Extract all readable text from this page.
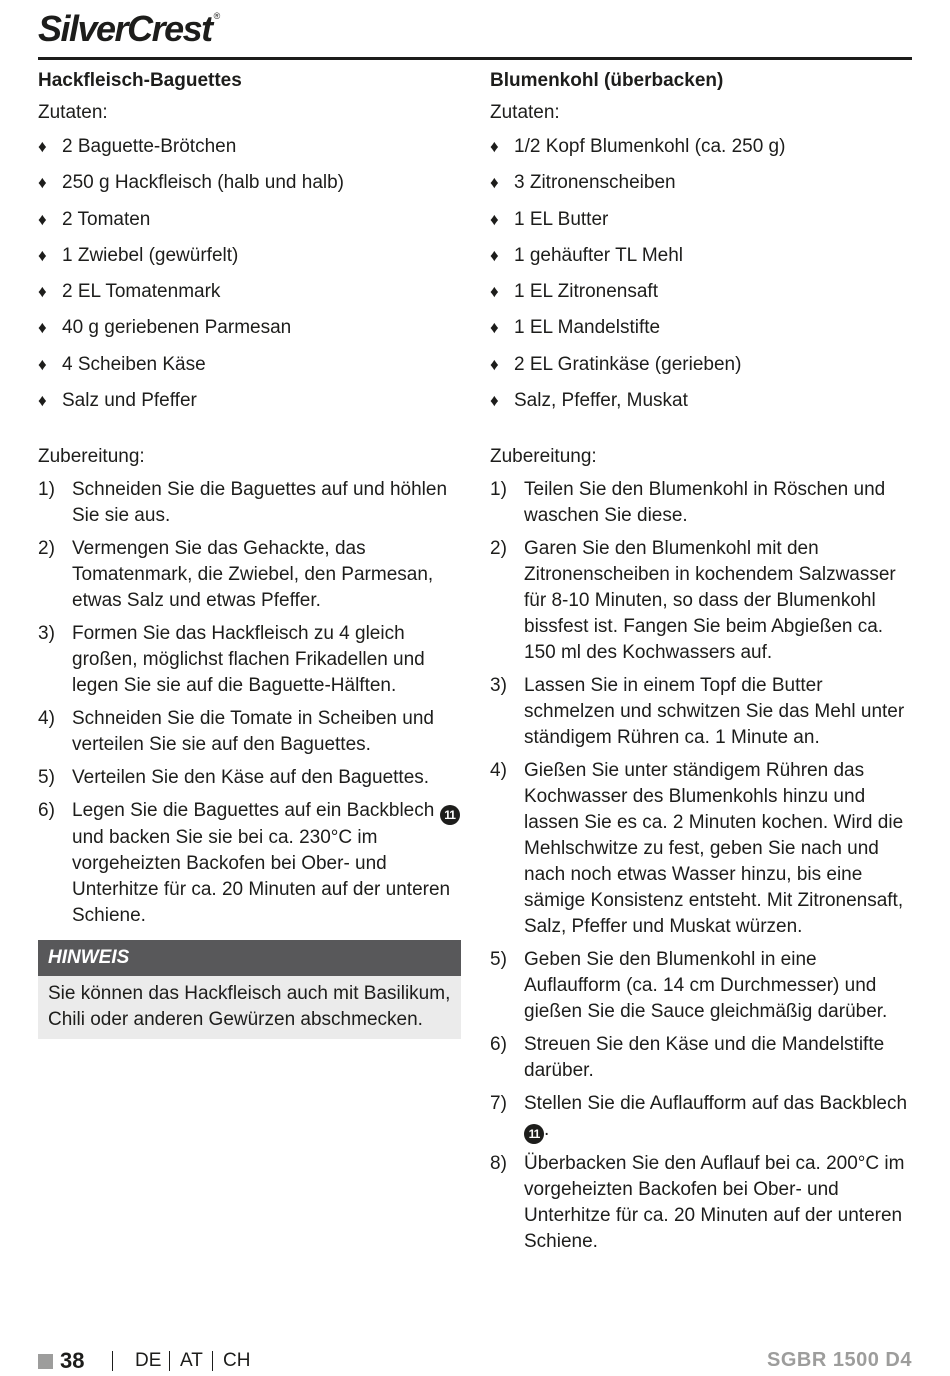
SilverCrest ®
Hackfleisch-Baguettes
Zutaten:
♦ 2 Baguette-Brötchen
♦ 250 g Hackfleisch (halb und halb)
♦ 2 Tomaten
♦ 1 Zwiebel (gewürfelt)
♦ 2 EL Tomatenmark
♦ 40 g geriebenen Parmesan
♦ 4 Scheiben Käse
♦ Salz und Pfeffer
Zubereitung:
1) Schneiden Sie die Baguettes auf und höhlen Sie sie aus.
2) Vermengen Sie das Gehackte, das Tomatenmark, die Zwiebel, den Parmesan, etwas Salz und etwas Pfeffer.
3) Formen Sie das Hackfleisch zu 4 gleich großen, möglichst flachen Frikadellen und legen Sie sie auf die Baguette-Hälften.
4) Schneiden Sie die Tomate in Scheiben und verteilen Sie sie auf den Baguettes.
5) Verteilen Sie den Käse auf den Baguettes.
6) Legen Sie die Baguettes auf ein Backblech 11 und backen Sie sie bei ca. 230°C im vorgeheizten Backofen bei Ober- und Unterhitze für ca. 20 Minuten auf der unteren Schiene.
HINWEIS
Sie können das Hackfleisch auch mit Basilikum, Chili oder anderen Gewürzen abschmecken.
Blumenkohl (überbacken)
Zutaten:
♦ 1/2 Kopf Blumenkohl (ca. 250 g)
♦ 3 Zitronenscheiben
♦ 1 EL Butter
♦ 1 gehäufter TL Mehl
♦ 1 EL Zitronensaft
♦ 1 EL Mandelstifte
♦ 2 EL Gratinkäse (gerieben)
♦ Salz, Pfeffer, Muskat
Zubereitung:
1) Teilen Sie den Blumenkohl in Röschen und waschen Sie diese.
2) Garen Sie den Blumenkohl mit den Zitronenscheiben in kochendem Salzwasser für 8-10 Minuten, so dass der Blumenkohl bissfest ist. Fangen Sie beim Abgießen ca. 150 ml des Kochwassers auf.
3) Lassen Sie in einem Topf die Butter schmelzen und schwitzen Sie das Mehl unter ständigem Rühren ca. 1 Minute an.
4) Gießen Sie unter ständigem Rühren das Kochwasser des Blumenkohls hinzu und lassen Sie es ca. 2 Minuten kochen. Wird die Mehlschwitze zu fest, geben Sie nach und nach noch etwas Wasser hinzu, bis eine sämige Konsistenz entsteht. Mit Zitronensaft, Salz, Pfeffer und Muskat würzen.
5) Geben Sie den Blumenkohl in eine Auflaufform (ca. 14 cm Durchmesser) und gießen Sie die Sauce gleichmäßig darüber.
6) Streuen Sie den Käse und die Mandelstifte darüber.
7) Stellen Sie die Auflaufform auf das Backblech 11 .
8) Überbacken Sie den Auflauf bei ca. 200°C im vorgeheizten Backofen bei Ober- und Unterhitze für ca. 20 Minuten auf der unteren Schiene.
38	DE AT CH	SGBR 1500 D4
